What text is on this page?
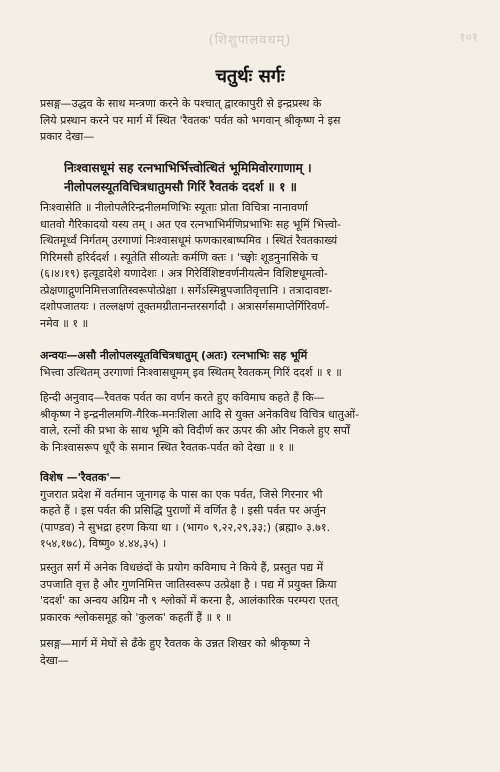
(शिशुपालवधम्)	१०१
चतुर्थः सर्गः
प्रसङ्ग—उद्धव के साथ मन्त्रणा करने के पश्चात् द्वारकापुरी से इन्द्रप्रस्थ के
लिये प्रस्थान करने पर मार्ग में स्थित 'रैवतक' पर्वत को भगवान् श्रीकृष्ण ने इस
प्रकार देखा—
निःश्वासधूमं सह रत्नभाभिर्भित्त्वोत्थितं भूमिमिवोरगाणाम् ।
नीलोपलस्यूतविचित्रधातुमसौ गिरिं रैवतकं ददर्श ॥ १ ॥
निःश्वासेति ॥ नीलोपलैरिन्द्रनीलमणिभिः स्यूताः प्रोता विचित्रा नानावर्णा
धातवो गैरिकादयो यस्य तम् । अत एव रत्नभाभिर्मणिप्रभाभिः सह भूमिं भित्त्वो-
त्थितमूर्ध्वं निर्गतम् उरगाणां निःश्वासधूमं फणकारबाष्पमिव । स्थितं रैवतकाख्यं
गिरिमसौ हरिर्ददर्श । स्यूतेति सीव्यतेः कर्मणि क्तः । 'च्छ्वोः शूडनुनासिके च
(६।४।१९) इत्यूडादेशे यणादेशः । अत्र गिरेर्विशिष्टवर्णनीयत्वेन विशिष्टधूमत्वो-
त्प्रेक्षणाद्गुणनिमित्तजातिस्वरूपोत्प्रेक्षा । सर्गेऽस्मिन्नुपजातिवृत्तानि । तत्रादावष्टा-
दशोपजातयः । तल्लक्षणं तूक्तमग्रीतानन्तरसर्गादौ । अत्रासर्गसमाप्तेर्गिरिवर्ण-
नमेव ॥ १ ॥
अन्वयः—असौ नीलोपलस्यूतविचित्रधातुम् (अतः) रत्नभाभिः सह भूमिं
भित्त्वा उत्थितम् उरगाणां निःश्वासधूमम् इव स्थितम् रैवतकम् गिरिं ददर्श ॥ १ ॥
हिन्दी अनुवाद—रैवतक पर्वत का वर्णन करते हुए कविमाघ कहते हैं कि—
श्रीकृष्ण ने इन्द्रनीलमणि-गैरिक-मनःशिला आदि से युक्त अनेकविध विचित्र धातुओं-
वाले, रत्नों की प्रभा के साथ भूमि को विदीर्ण कर ऊपर की ओर निकले हुए सर्पों
के निःश्वासरूप धूएँ के समान स्थित रैवतक-पर्वत को देखा ॥ १ ॥
विशेष —'रैवतक'—
गुजरात प्रदेश में वर्तमान जूनागढ़ के पास का एक पर्वत, जिसे गिरनार भी
कहते हैं । इस पर्वत की प्रसिद्धि पुराणों में वर्णित है । इसी पर्वत पर अर्जुन
(पाण्डव) ने सुभद्रा हरण किया था । (भाग० ९,२२,२९,३३;) (ब्रह्मा० ३.७१.
१५४,१७८), विष्णु० ४.४४,३५) ।
प्रस्तुत सर्ग में अनेक विधछंदों के प्रयोग कविमाघ ने किये हैं, प्रस्तुत पद्य में
उपजाति वृत्त है और गुणनिमित्त जातिस्वरूप उत्प्रेक्षा है । पद्य में प्रयुक्त क्रिया
'ददर्श' का अन्वय अग्रिम नौ ९ श्लोकों में करना है, आलंकारिक परम्परा एतत्
प्रकारक श्लोकसमूह को 'कुलक' कहतीं हैं ॥ १ ॥
प्रसङ्ग—मार्ग में मेघों से ढँके हुए रैवतक के उन्नत शिखर को श्रीकृष्ण ने
देखा—
